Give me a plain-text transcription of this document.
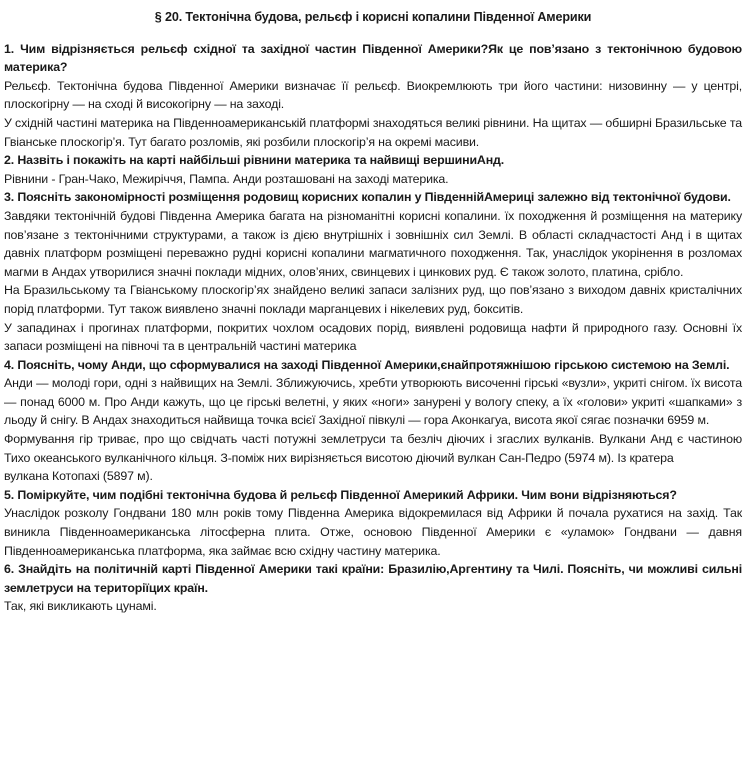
§ 20. Тектонічна будова, рельєф і корисні копалини Південної Америки

1. Чим відрізняється рельєф східної та західної частин Південної Америки?Як це пов’язано з тектонічною будовою материка?

Рельєф. Тектонічна будова Південної Америки визначає її рельєф. Виокремлюють три його частини: низовинну — у центрі, плоскогірну — на сході й високогірну — на заході.

У східній частині материка на Південноамериканській платформі знаходяться великі рівнини. На щитах — обширні Бразильське та Гвіанське плоскогір’я. Тут багато розломів, які розбили плоскогір’я на окремі масиви.

2. Назвіть і покажіть на карті найбільші рівнини материка та найвищі вершиниАнд.

Рівнини - Гран-Чако, Межиріччя, Пампа. Анди розташовані на заході материка.

3. Поясніть закономірності розміщення родовищ корисних копалин у ПівденнійАмериці залежно від тектонічної будови.

Завдяки тектонічній будові Південна Америка багата на різноманітні корисні копалини. їх походження й розміщення на материку пов’язане з тектонічними структурами, а також із дією внутрішніх і зовнішніх сил Землі. В області складчастості Анд і в щитах давніх платформ розміщені переважно рудні корисні копалини магматичного походження. Так, унаслідок укорінення в розломах магми в Андах утворилися значні поклади мідних, олов’яних, свинцевих і цинкових руд. Є також золото, платина, срібло.

На Бразильському та Гвіанському плоскогір’ях знайдено великі запаси залізних руд, що пов’язано з виходом давніх кристалічних порід платформи. Тут також виявлено значні поклади марганцевих і нікелевих руд, бокситів.

У западинах і прогинах платформи, покритих чохлом осадових порід, виявлені родовища нафти й природного газу. Основні їх запаси розміщені на півночі та в центральній частині материка

4. Поясніть, чому Анди, що сформувалися на заході Південної Америки,єнайпротяжнішою гірською системою на Землі.

Анди — молоді гори, одні з найвищих на Землі. Зближуючись, хребти утворюють височенні гірські «вузли», укриті снігом. їх висота — понад 6000 м. Про Анди кажуть, що це гірські велетні, у яких «ноги» занурені у вологу спеку, а їх «голови» укриті «шапками» з льоду й снігу. В Андах знаходиться найвища точка всієї Західної півкулі — гора Аконкагуа, висота якої сягає позначки 6959 м.

Формування гір триває, про що свідчать часті потужні землетруси та безліч діючих і згаслих вулканів. Вулкани Анд є частиною Тихо океанського вулканічного кільця. З-поміж них вирізняється висотою діючий вулкан Сан-Педро (5974 м). Із кратера

вулкана Котопахі (5897 м).

5. Поміркуйте, чим подібні тектонічна будова й рельєф Південної Америкий Африки. Чим вони відрізняються?

Унаслідок розколу Гондвани 180 млн років тому Південна Америка відокремилася від Африки й почала рухатися на захід. Так виникла Південноамериканська літосферна плита. Отже, основою Південної Америки є «уламок» Гондвани — давня Південноамериканська платформа, яка займає всю східну частину материка.

6. Знайдіть на політичній карті Південної Америки такі країни: Бразилію,Аргентину та Чилі. Поясніть, чи можливі сильні землетруси на територіїцих країн.

Так, які викликають цунамі.
